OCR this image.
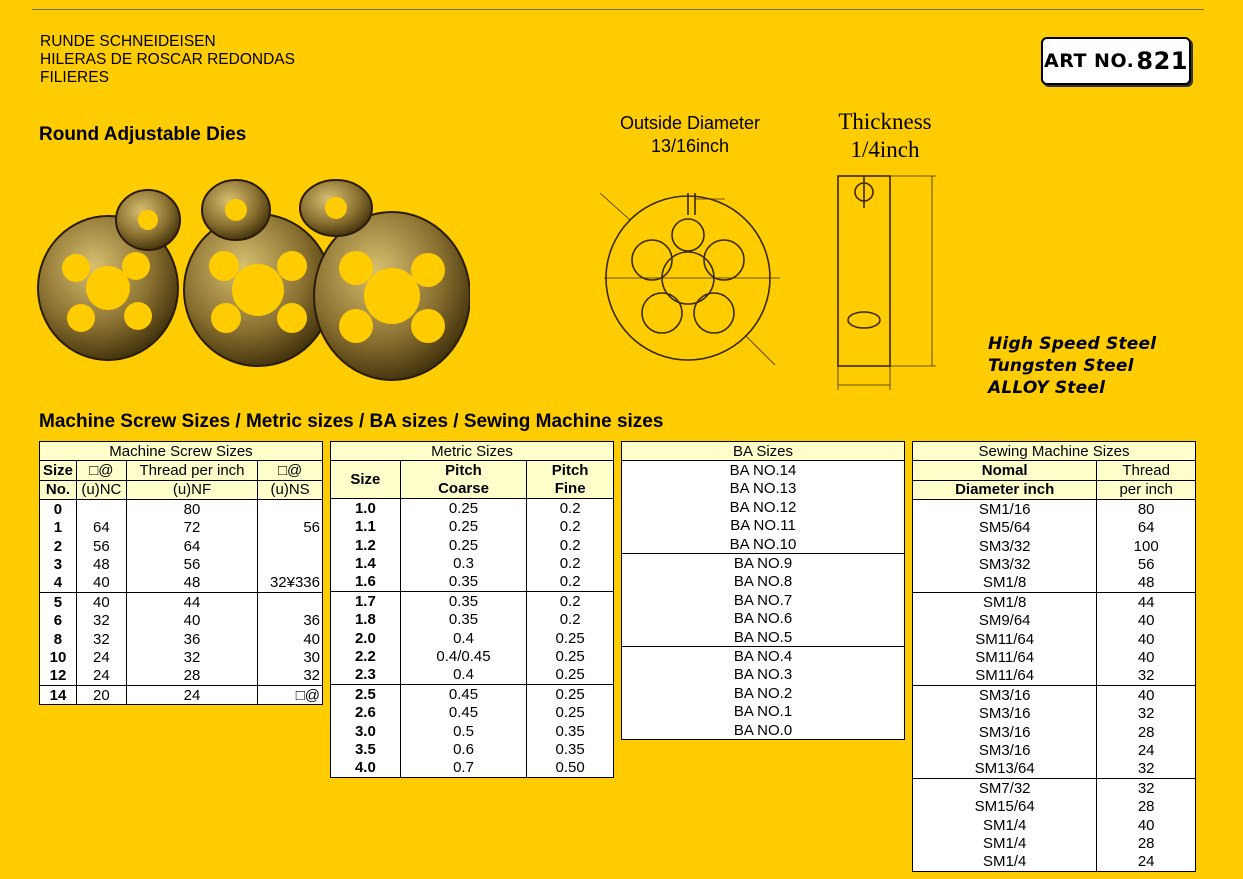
RUNDE SCHNEIDEISEN
HILERAS DE ROSCAR REDONDAS
FILIERES
ART NO. 821
Round Adjustable Dies
Outside Diameter
13/16inch
Thickness
1/4inch
High Speed Steel
Tungsten Steel
ALLOY Steel
Machine Screw Sizes / Metric sizes / BA sizes / Sewing Machine sizes
Machine Screw Sizes			
Size	□@	Thread per inch	□@
No.	(u)NC	(u)NF	(u)NS
0		80	
1	64	72	56
2	56	64	
3	48	56	
4	40	48	32¥336
5	40	44	
6	32	40	36
8	32	36	40
10	24	32	30
12	24	28	32
14	20	24	□@
Metric Sizes		
Size	Pitch	Pitch
	Coarse	Fine
1.0	0.25	0.2
1.1	0.25	0.2
1.2	0.25	0.2
1.4	0.3	0.2
1.6	0.35	0.2
1.7	0.35	0.2
1.8	0.35	0.2
2.0	0.4	0.25
2.2	0.4/0.45	0.25
2.3	0.4	0.25
2.5	0.45	0.25
2.6	0.45	0.25
3.0	0.5	0.35
3.5	0.6	0.35
4.0	0.7	0.50
BA Sizes
BA NO.14
BA NO.13
BA NO.12
BA NO.11
BA NO.10
BA NO.9
BA NO.8
BA NO.7
BA NO.6
BA NO.5
BA NO.4
BA NO.3
BA NO.2
BA NO.1
BA NO.0
Sewing Machine Sizes	
Nomal	Thread
Diameter inch	per inch
SM1/16	80
SM5/64	64
SM3/32	100
SM3/32	56
SM1/8	48
SM1/8	44
SM9/64	40
SM11/64	40
SM11/64	40
SM11/64	32
SM3/16	40
SM3/16	32
SM3/16	28
SM3/16	24
SM13/64	32
SM7/32	32
SM15/64	28
SM1/4	40
SM1/4	28
SM1/4	24
